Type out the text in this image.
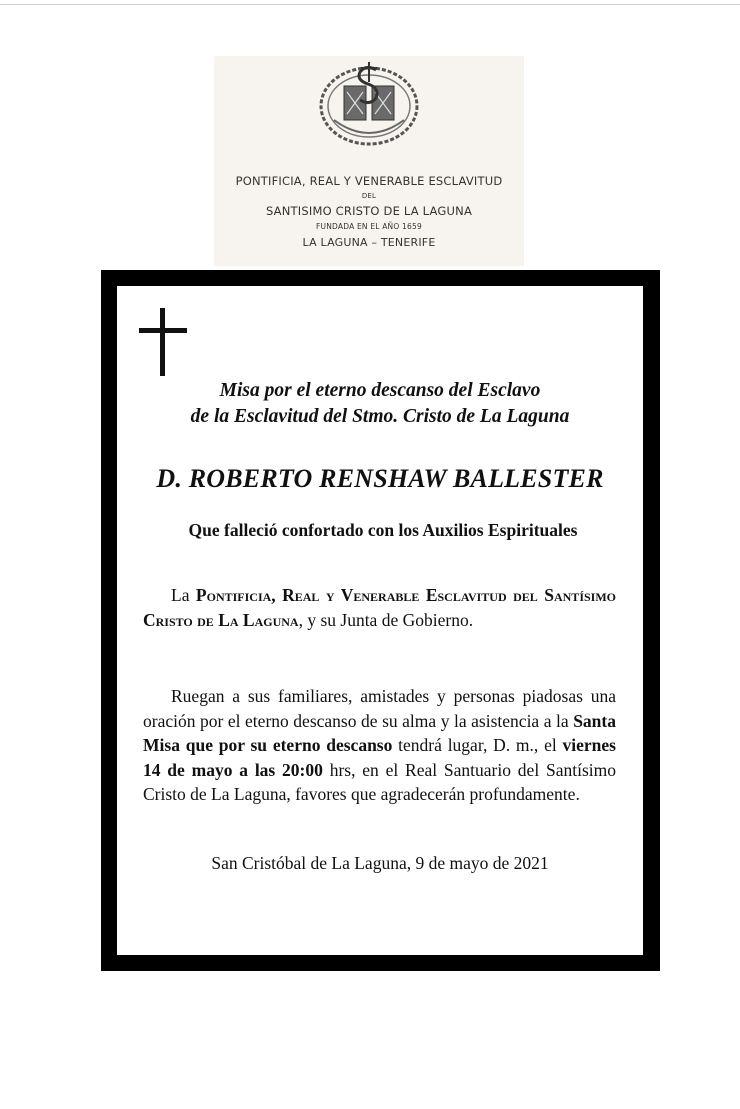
PONTIFICIA, REAL Y VENERABLE ESCLAVITUD
DEL
SANTISIMO CRISTO DE LA LAGUNA
FUNDADA EN EL AÑO 1659
LA LAGUNA – TENERIFE
Misa por el eterno descanso del Esclavo
de la Esclavitud del Stmo. Cristo de La Laguna
D. ROBERTO RENSHAW BALLESTER
Que falleció confortado con los Auxilios Espirituales
La Pontificia, Real y Venerable Esclavitud del Santísimo Cristo de La Laguna, y su Junta de Gobierno.
Ruegan a sus familiares, amistades y personas piadosas una oración por el eterno descanso de su alma y la asistencia a la Santa Misa que por su eterno descanso tendrá lugar, D. m., el viernes 14 de mayo a las 20:00 hrs, en el Real Santuario del Santísimo Cristo de La Laguna, favores que agradecerán profundamente.
San Cristóbal de La Laguna, 9 de mayo de 2021
